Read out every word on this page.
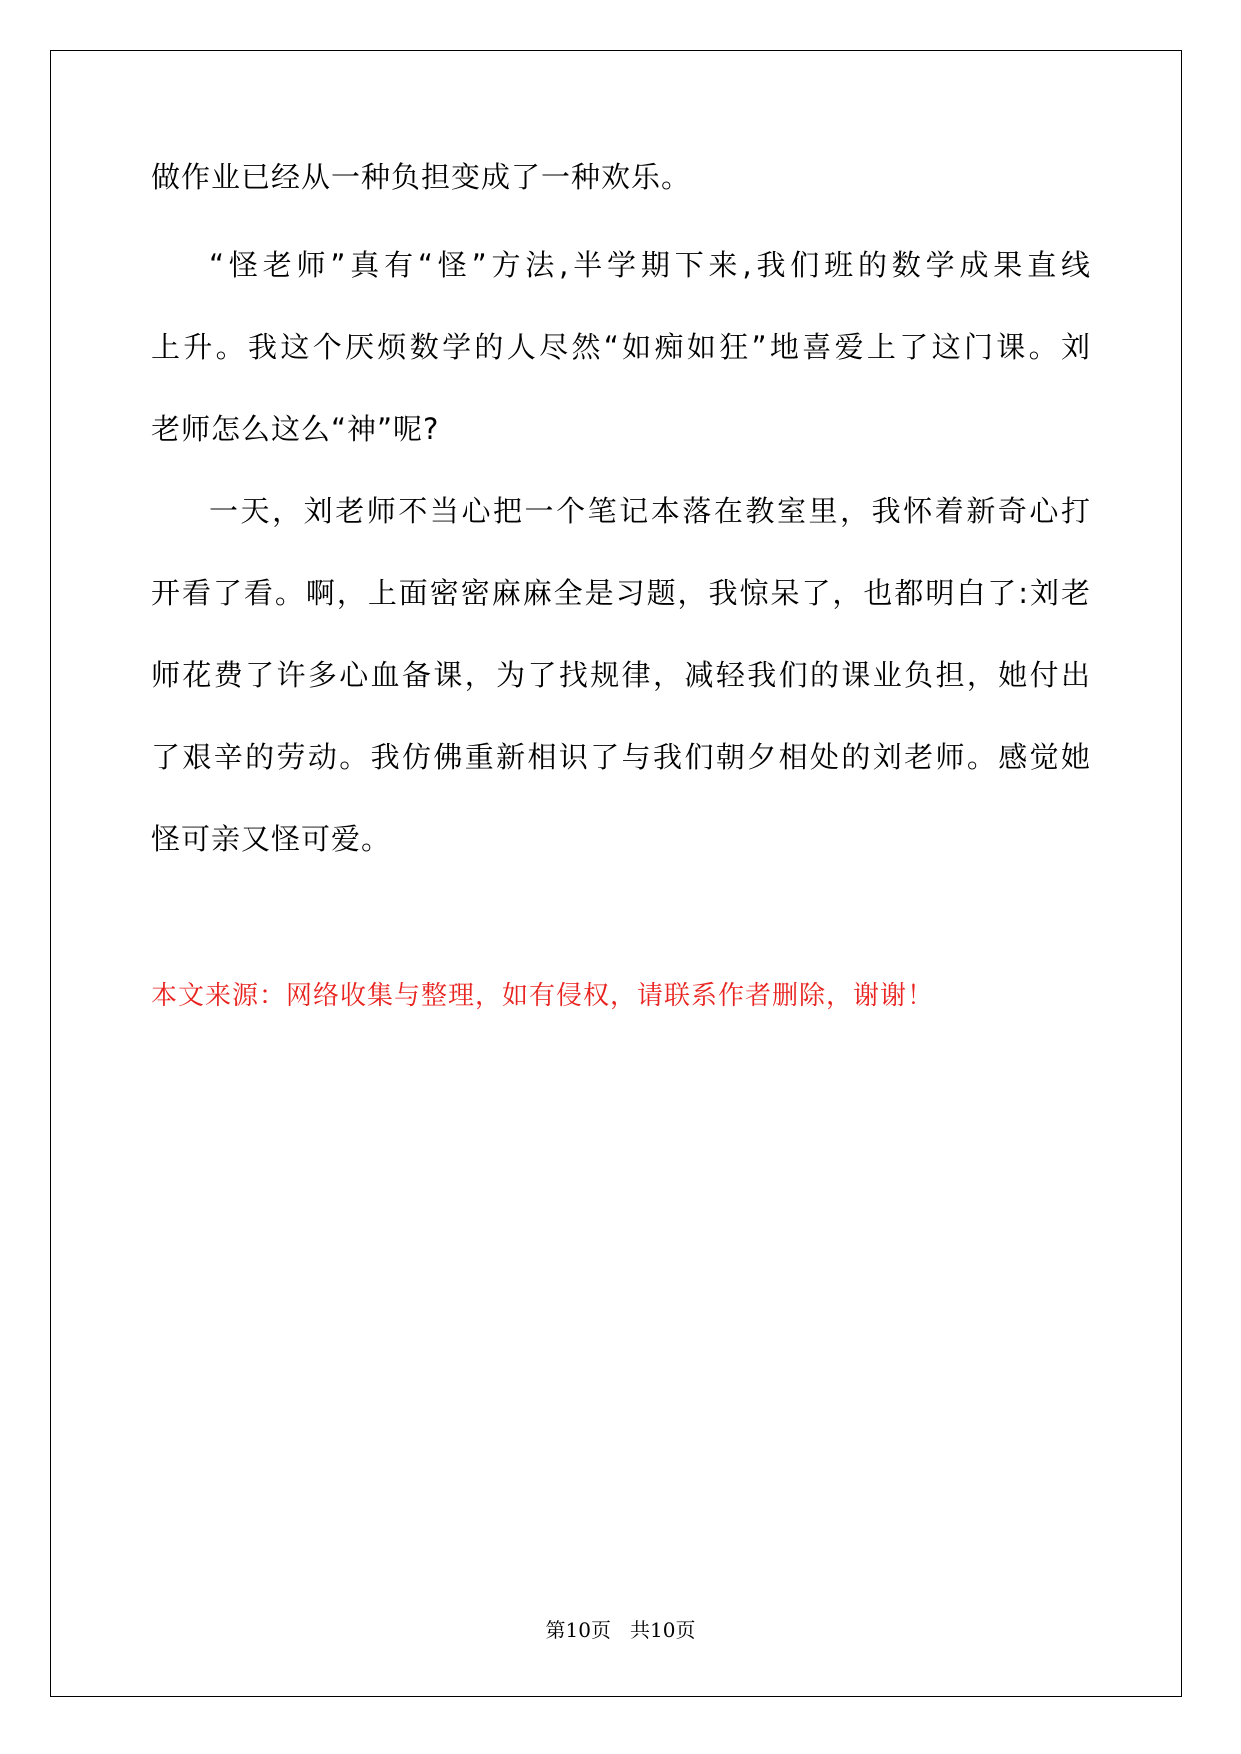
做作业已经从一种负担变成了一种欢乐。
“怪老师”真有“怪”方法,半学期下来,我们班的数学成果直线
上升。我这个厌烦数学的人尽然“如痴如狂”地喜爱上了这门课。刘
老师怎么这么“神”呢?
一天，刘老师不当心把一个笔记本落在教室里，我怀着新奇心打
开看了看。啊，上面密密麻麻全是习题，我惊呆了，也都明白了:刘老
师花费了许多心血备课，为了找规律，减轻我们的课业负担，她付出
了艰辛的劳动。我仿佛重新相识了与我们朝夕相处的刘老师。感觉她
怪可亲又怪可爱。
本文来源：网络收集与整理，如有侵权，请联系作者删除，谢谢！
第10页   共10页
